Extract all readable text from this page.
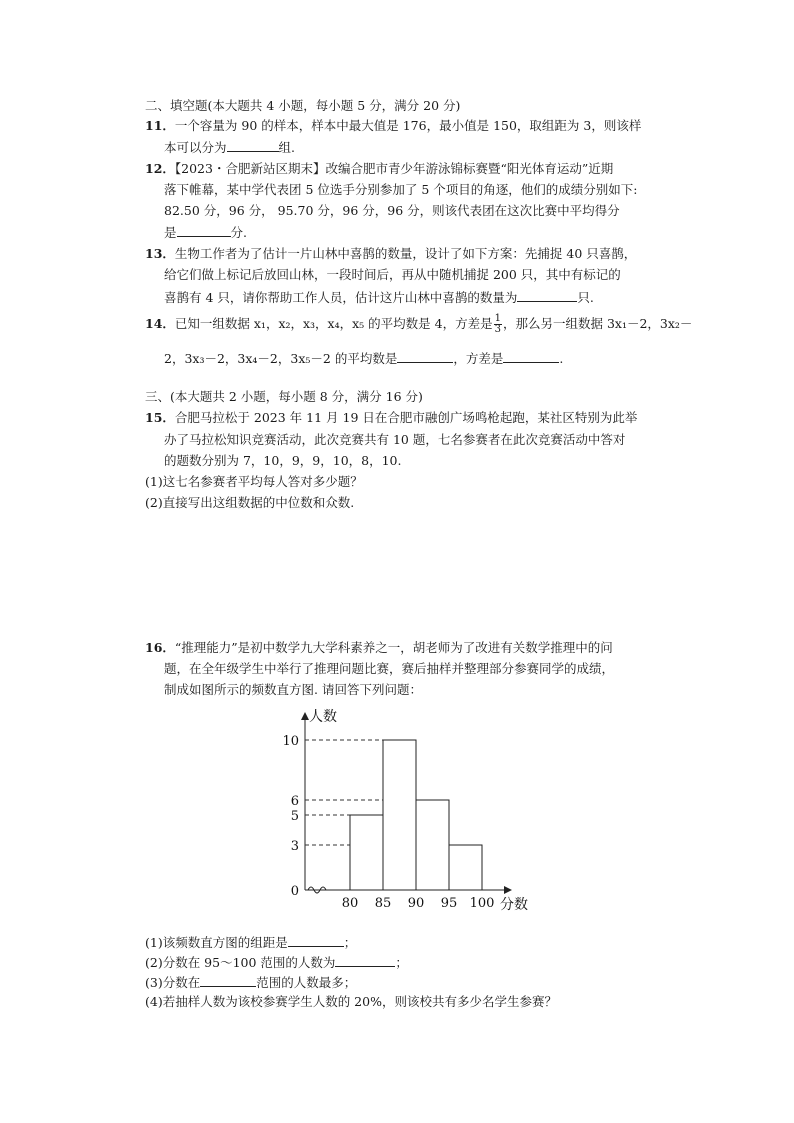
二、填空题(本大题共 4 小题，每小题 5 分，满分 20 分)
11．一个容量为 90 的样本，样本中最大值是 176，最小值是 150，取组距为 3，则该样
本可以分为	组.
12．【2023・合肥新站区期末】改编合肥市青少年游泳锦标赛暨“阳光体育运动”近期
落下帷幕，某中学代表团 5 位选手分别参加了 5 个项目的角逐，他们的成绩分别如下:
82.50 分，96 分， 95.70 分，96 分，96 分，则该代表团在这次比赛中平均得分
是	分.
13．生物工作者为了估计一片山林中喜鹊的数量，设计了如下方案：先捕捉 40 只喜鹊，
给它们做上标记后放回山林，一段时间后，再从中随机捕捉 200 只，其中有标记的
喜鹊有 4 只，请你帮助工作人员，估计这片山林中喜鹊的数量为	只.
14．已知一组数据 x₁，x₂，x₃，x₄，x₅ 的平均数是 4，方差是 $\frac{1}{3}$ ，那么另一组数据 3x₁－2，3x₂－
2，3x₃－2，3x₄－2，3x₅－2 的平均数是	，方差是	.
三、(本大题共 2 小题，每小题 8 分，满分 16 分)
15．合肥马拉松于 2023 年 11 月 19 日在合肥市融创广场鸣枪起跑，某社区特别为此举
办了马拉松知识竞赛活动，此次竞赛共有 10 题，七名参赛者在此次竞赛活动中答对
的题数分别为 7，10，9，9，10，8，10.
(1)这七名参赛者平均每人答对多少题？
(2)直接写出这组数据的中位数和众数.
16．“推理能力”是初中数学九大学科素养之一，胡老师为了改进有关数学推理中的问
题，在全年级学生中举行了推理问题比赛，赛后抽样并整理部分参赛同学的成绩，
制成如图所示的频数直方图. 请回答下列问题：
人数
分数
0
3
5
6
10
80 85 90 95 100
(1)该频数直方图的组距是	；
(2)分数在 95～100 范围的人数为	；
(3)分数在	范围的人数最多；
(4)若抽样人数为该校参赛学生人数的 20%，则该校共有多少名学生参赛？
